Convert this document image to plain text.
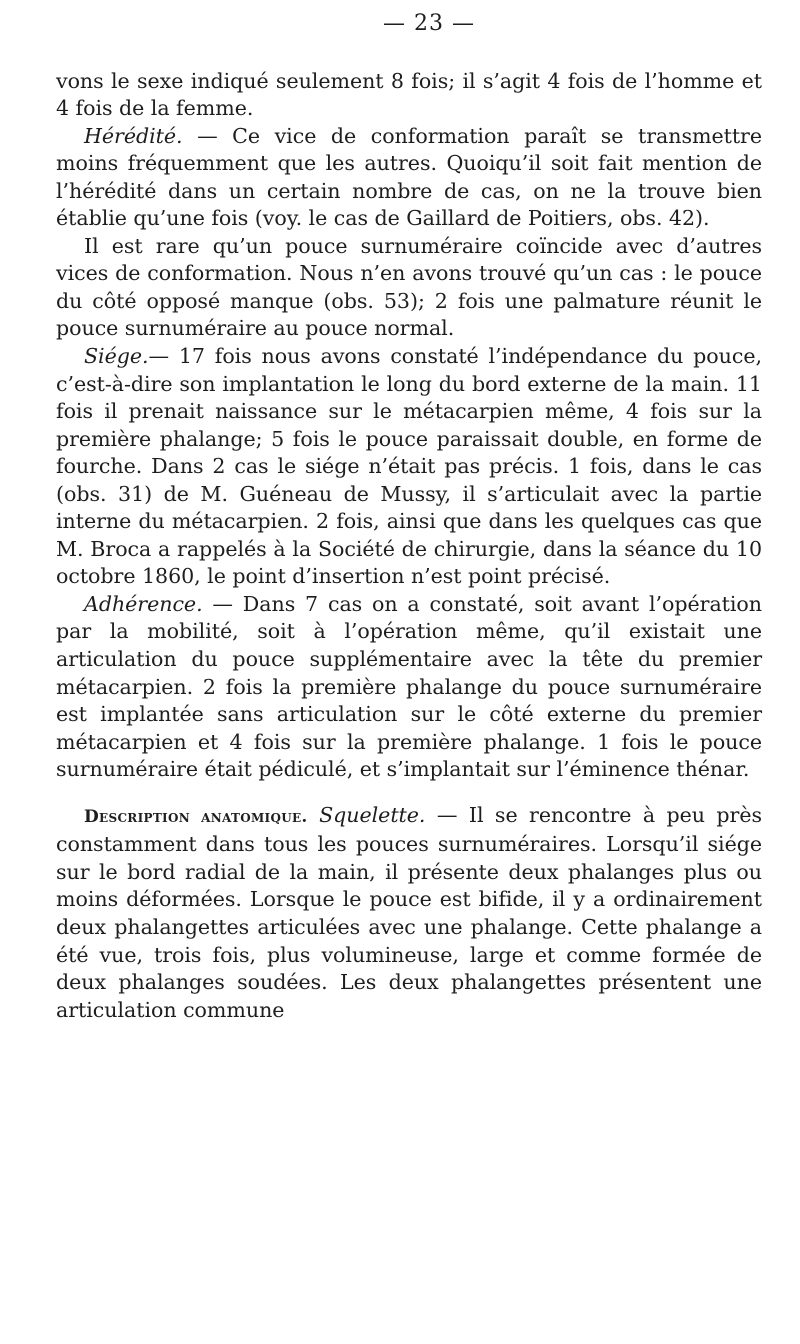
— 23 —

vons le sexe indiqué seulement 8 fois; il s’agit 4 fois de l’homme et 4 fois de la femme.

Hérédité. — Ce vice de conformation paraît se transmettre moins fréquemment que les autres. Quoiqu’il soit fait mention de l’hérédité dans un certain nombre de cas, on ne la trouve bien établie qu’une fois (voy. le cas de Gaillard de Poitiers, obs. 42).

Il est rare qu’un pouce surnuméraire coïncide avec d’autres vices de conformation. Nous n’en avons trouvé qu’un cas : le pouce du côté opposé manque (obs. 53); 2 fois une palmature réunit le pouce surnuméraire au pouce normal.

Siége.— 17 fois nous avons constaté l’indépendance du pouce, c’est-à-dire son implantation le long du bord externe de la main. 11 fois il prenait naissance sur le métacarpien même, 4 fois sur la première phalange; 5 fois le pouce paraissait double, en forme de fourche. Dans 2 cas le siége n’était pas précis. 1 fois, dans le cas (obs. 31) de M. Guéneau de Mussy, il s’articulait avec la partie interne du métacarpien. 2 fois, ainsi que dans les quelques cas que M. Broca a rappelés à la Société de chirurgie, dans la séance du 10 octobre 1860, le point d’insertion n’est point précisé.

Adhérence. — Dans 7 cas on a constaté, soit avant l’opération par la mobilité, soit à l’opération même, qu’il existait une articulation du pouce supplémentaire avec la tête du premier métacarpien. 2 fois la première phalange du pouce surnuméraire est implantée sans articulation sur le côté externe du premier métacarpien et 4 fois sur la première phalange. 1 fois le pouce surnuméraire était pédiculé, et s’implantait sur l’éminence thénar.

Description anatomique. Squelette. — Il se rencontre à peu près constamment dans tous les pouces surnuméraires. Lorsqu’il siége sur le bord radial de la main, il présente deux phalanges plus ou moins déformées. Lorsque le pouce est bifide, il y a ordinairement deux phalangettes articulées avec une phalange. Cette phalange a été vue, trois fois, plus volumineuse, large et comme formée de deux phalanges soudées. Les deux phalangettes présentent une articulation commune
